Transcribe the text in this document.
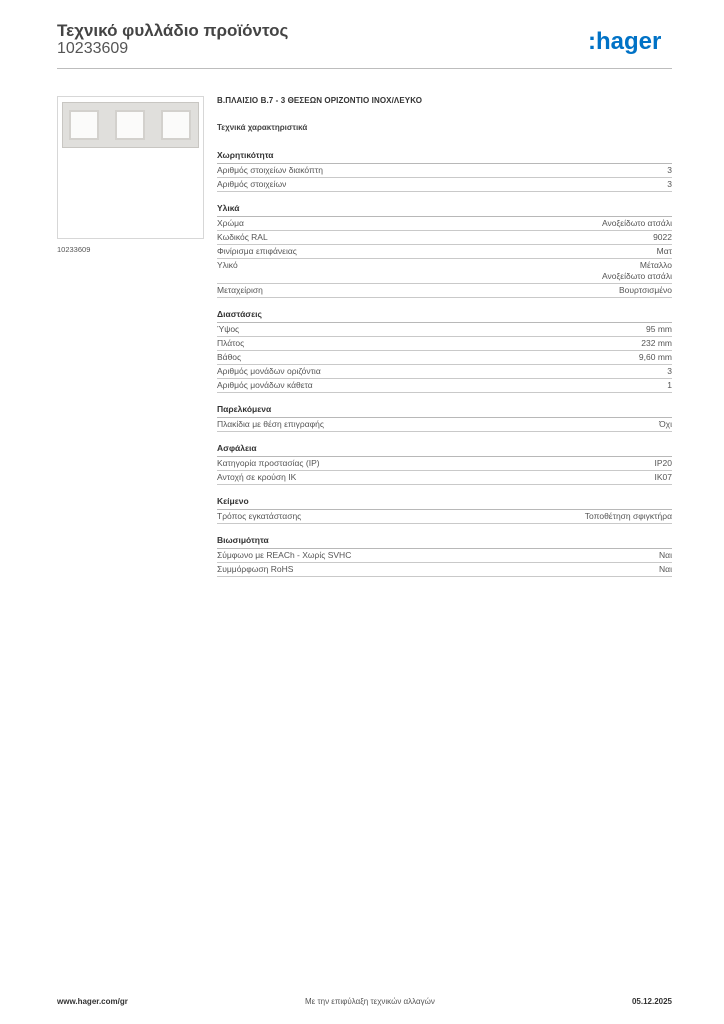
Τεχνικό φυλλάδιο προϊόντος
10233609	:hager
10233609
Β.ΠΛΑΙΣΙΟ B.7 - 3 ΘΕΣΕΩΝ ΟΡΙΖΟΝΤΙΟ ΙΝΟΧ/ΛΕΥΚΟ
Τεχνικά χαρακτηριστικά
Χωρητικότητα
Αριθμός στοιχείων διακόπτη	3
Αριθμός στοιχείων	3
Υλικά
Χρώμα	Ανοξείδωτο ατσάλι
Κωδικός RAL	9022
Φινίρισμα επιφάνειας	Ματ
Υλικό	Μέταλλο
Ανοξείδωτο ατσάλι
Μεταχείριση	Βουρτσισμένο
Διαστάσεις
Ύψος	95 mm
Πλάτος	232 mm
Βάθος	9,60 mm
Αριθμός μονάδων οριζόντια	3
Αριθμός μονάδων κάθετα	1
Παρελκόμενα
Πλακίδια με θέση επιγραφής	Όχι
Ασφάλεια
Κατηγορία προστασίας (IP)	IP20
Αντοχή σε κρούση IK	IK07
Κείμενο
Τρόπος εγκατάστασης	Τοποθέτηση σφιγκτήρα
Βιωσιμότητα
Σύμφωνο με REACh - Χωρίς SVHC	Ναι
Συμμόρφωση RoHS	Ναι
www.hager.com/gr	Με την επιφύλαξη τεχνικών αλλαγών	05.12.2025
